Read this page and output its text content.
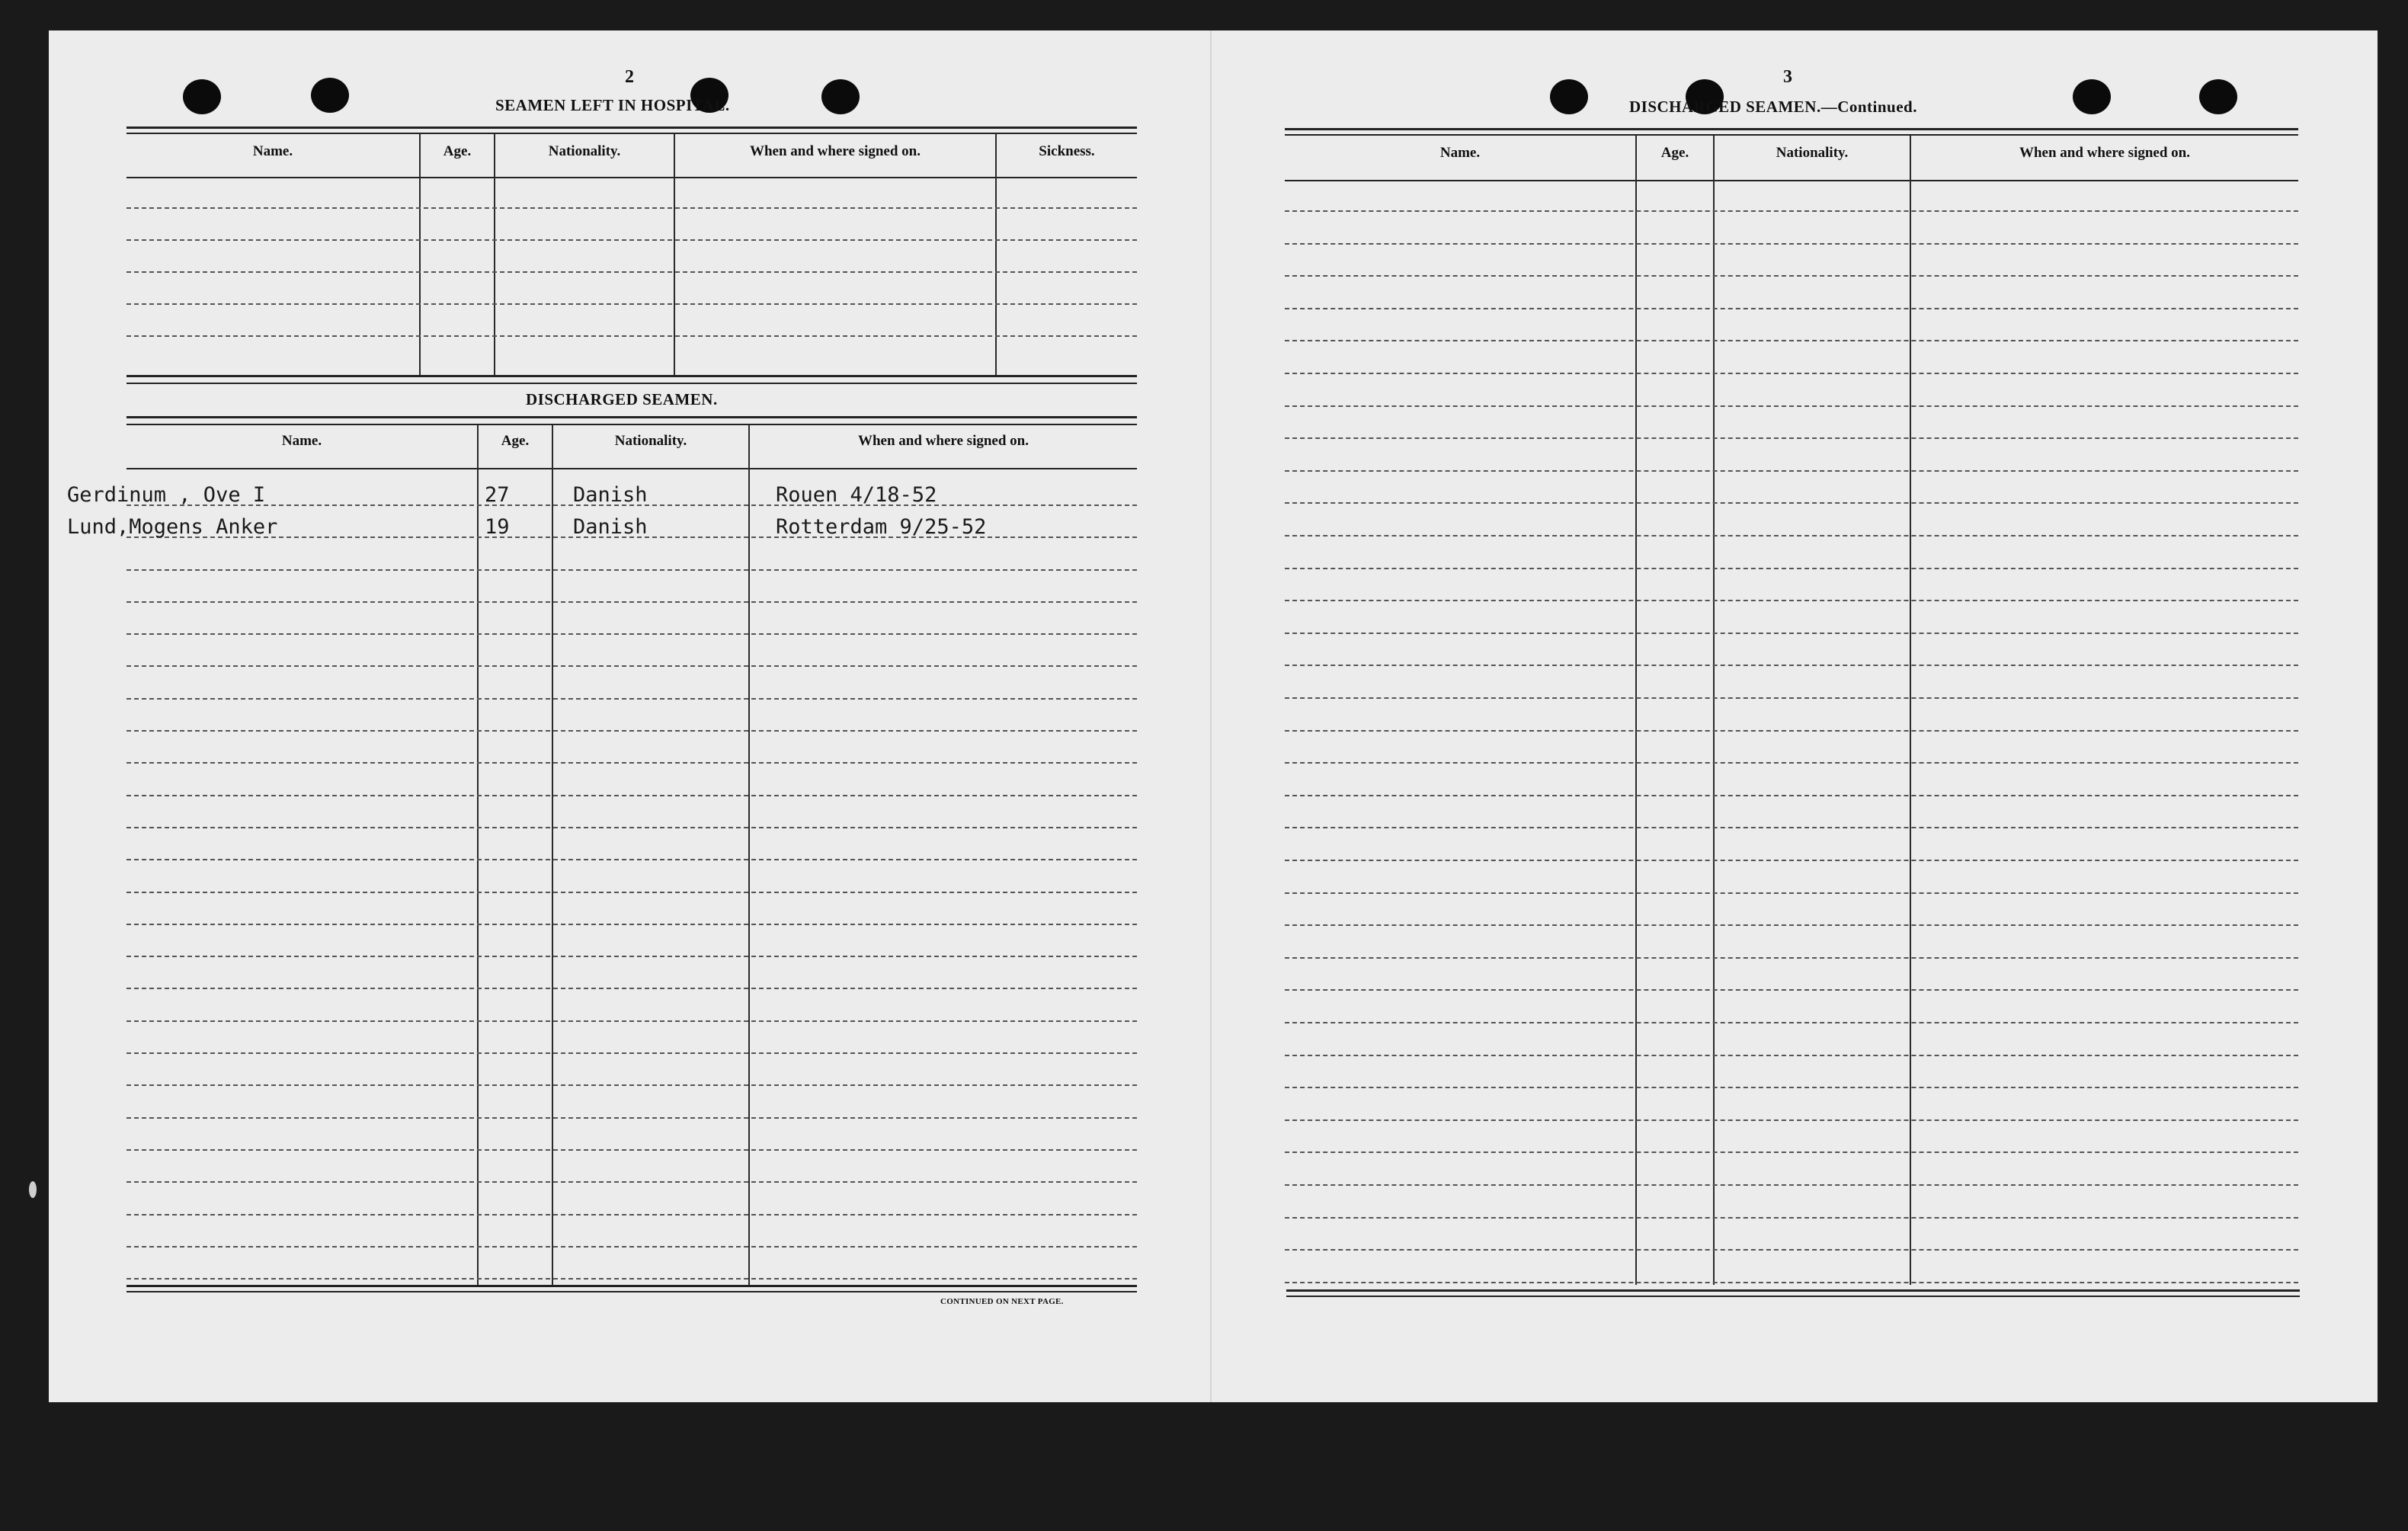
2
SEAMEN LEFT IN HOSPITAL.
Name.	Age.	Nationality.	When and where signed on.	Sickness.
DISCHARGED SEAMEN.
Name.	Age.	Nationality.	When and where signed on.
Gerdinum , Ove I	27	Danish	Rouen 4/18-52
Lund,Mogens Anker	19	Danish	Rotterdam 9/25-52
CONTINUED ON NEXT PAGE.
3
DISCHARGED SEAMEN.—Continued.
Name.	Age.	Nationality.	When and where signed on.
